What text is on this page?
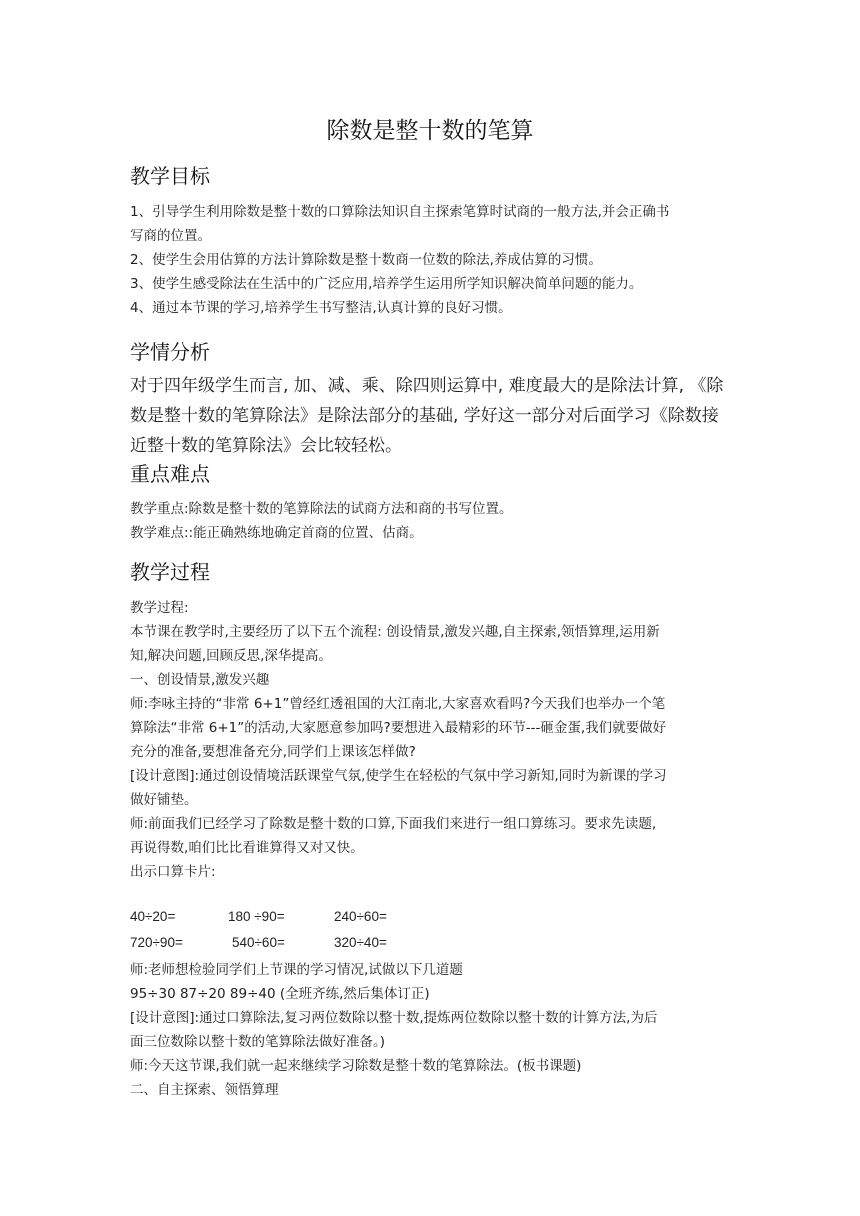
除数是整十数的笔算
教学目标
1、引导学生利用除数是整十数的口算除法知识自主探索笔算时试商的一般方法,并会正确书
写商的位置。
2、使学生会用估算的方法计算除数是整十数商一位数的除法,养成估算的习惯。
3、使学生感受除法在生活中的广泛应用,培养学生运用所学知识解决简单问题的能力。
4、通过本节课的学习,培养学生书写整洁,认真计算的良好习惯。
学情分析
对于四年级学生而言, 加、减、乘、除四则运算中, 难度最大的是除法计算, 《除
数是整十数的笔算除法》是除法部分的基础, 学好这一部分对后面学习《除数接
近整十数的笔算除法》会比较轻松。
重点难点
教学重点:除数是整十数的笔算除法的试商方法和商的书写位置。
教学难点::能正确熟练地确定首商的位置、估商。
教学过程
教学过程:
本节课在教学时,主要经历了以下五个流程: 创设情景,激发兴趣,自主探索,领悟算理,运用新
知,解决问题,回顾反思,深华提高。
一、创设情景,激发兴趣
师:李咏主持的“非常 6+1”曾经红透祖国的大江南北,大家喜欢看吗?今天我们也举办一个笔
算除法“非常 6+1”的活动,大家愿意参加吗?要想进入最精彩的环节---砸金蛋,我们就要做好
充分的准备,要想准备充分,同学们上课该怎样做?
[设计意图]:通过创设情境活跃课堂气氛,使学生在轻松的气氛中学习新知,同时为新课的学习
做好铺垫。
师:前面我们已经学习了除数是整十数的口算,下面我们来进行一组口算练习。要求先读题,
再说得数,咱们比比看谁算得又对又快。
出示口算卡片:
40÷20=	180 ÷90=	240÷60=
720÷90=	540÷60=	320÷40=
师:老师想检验同学们上节课的学习情况,试做以下几道题
95÷30 87÷20 89÷40 (全班齐练,然后集体订正)
[设计意图]:通过口算除法,复习两位数除以整十数,提炼两位数除以整十数的计算方法,为后
面三位数除以整十数的笔算除法做好准备。)
师:今天这节课,我们就一起来继续学习除数是整十数的笔算除法。(板书课题)
二、自主探索、领悟算理
